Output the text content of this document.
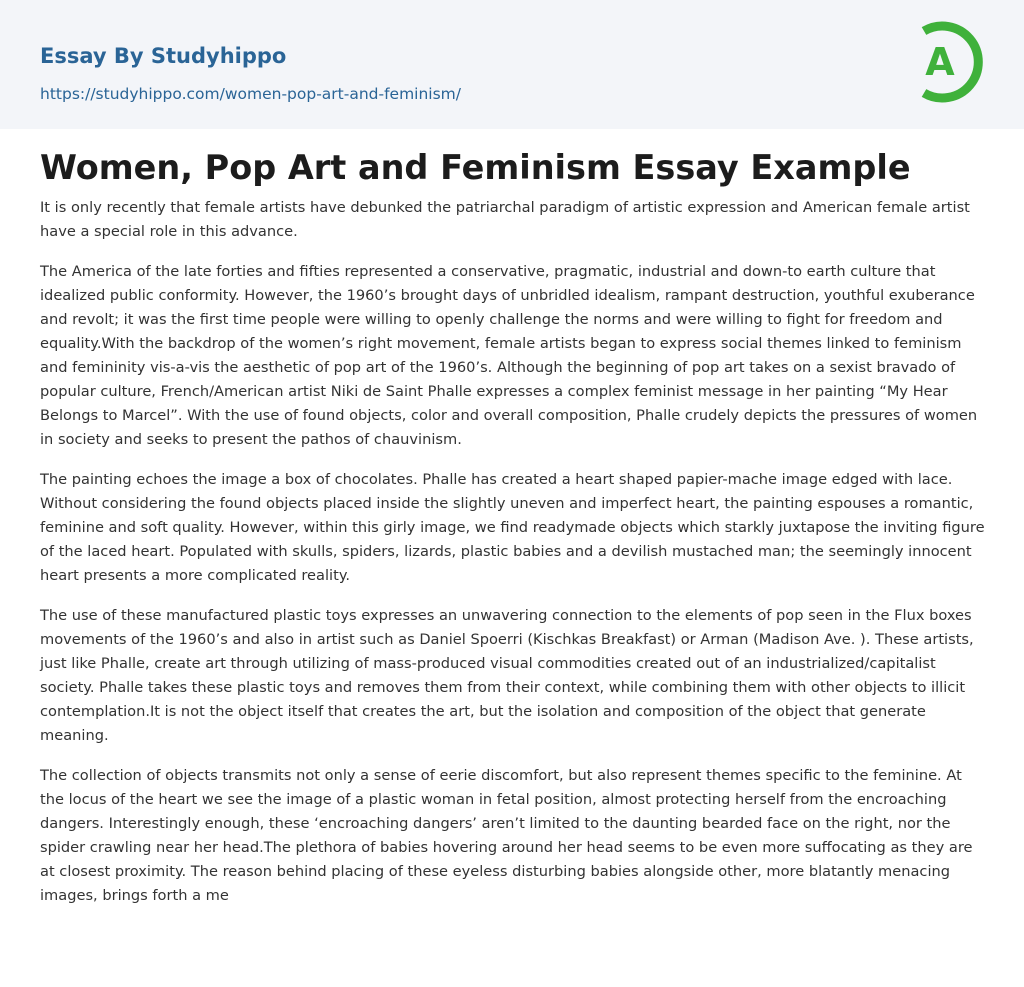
Essay By Studyhippo
https://studyhippo.com/women-pop-art-and-feminism/
A
Women, Pop Art and Feminism Essay Example

It is only recently that female artists have debunked the patriarchal paradigm of artistic expression and American female artist have a special role in this advance.

The America of the late forties and fifties represented a conservative, pragmatic, industrial and down-to earth culture that idealized public conformity. However, the 1960’s brought days of unbridled idealism, rampant destruction, youthful exuberance and revolt; it was the first time people were willing to openly challenge the norms and were willing to fight for freedom and equality.With the backdrop of the women’s right movement, female artists began to express social themes linked to feminism and femininity vis-a-vis the aesthetic of pop art of the 1960’s. Although the beginning of pop art takes on a sexist bravado of popular culture, French/American artist Niki de Saint Phalle expresses a complex feminist message in her painting “My Hear Belongs to Marcel”. With the use of found objects, color and overall composition, Phalle crudely depicts the pressures of women in society and seeks to present the pathos of chauvinism.

The painting echoes the image a box of chocolates. Phalle has created a heart shaped papier-mache image edged with lace. Without considering the found objects placed inside the slightly uneven and imperfect heart, the painting espouses a romantic, feminine and soft quality. However, within this girly image, we find readymade objects which starkly juxtapose the inviting figure of the laced heart. Populated with skulls, spiders, lizards, plastic babies and a devilish mustached man; the seemingly innocent heart presents a more complicated reality.

The use of these manufactured plastic toys expresses an unwavering connection to the elements of pop seen in the Flux boxes movements of the 1960’s and also in artist such as Daniel Spoerri (Kischkas Breakfast) or Arman (Madison Ave. ). These artists, just like Phalle, create art through utilizing of mass-produced visual commodities created out of an industrialized/capitalist society. Phalle takes these plastic toys and removes them from their context, while combining them with other objects to illicit contemplation.It is not the object itself that creates the art, but the isolation and composition of the object that generate meaning.

The collection of objects transmits not only a sense of eerie discomfort, but also represent themes specific to the feminine. At the locus of the heart we see the image of a plastic woman in fetal position, almost protecting herself from the encroaching dangers. Interestingly enough, these ‘encroaching dangers’ aren’t limited to the daunting bearded face on the right, nor the spider crawling near her head.The plethora of babies hovering around her head seems to be even more suffocating as they are at closest proximity. The reason behind placing of these eyeless disturbing babies alongside other, more blatantly menacing images, brings forth a me
